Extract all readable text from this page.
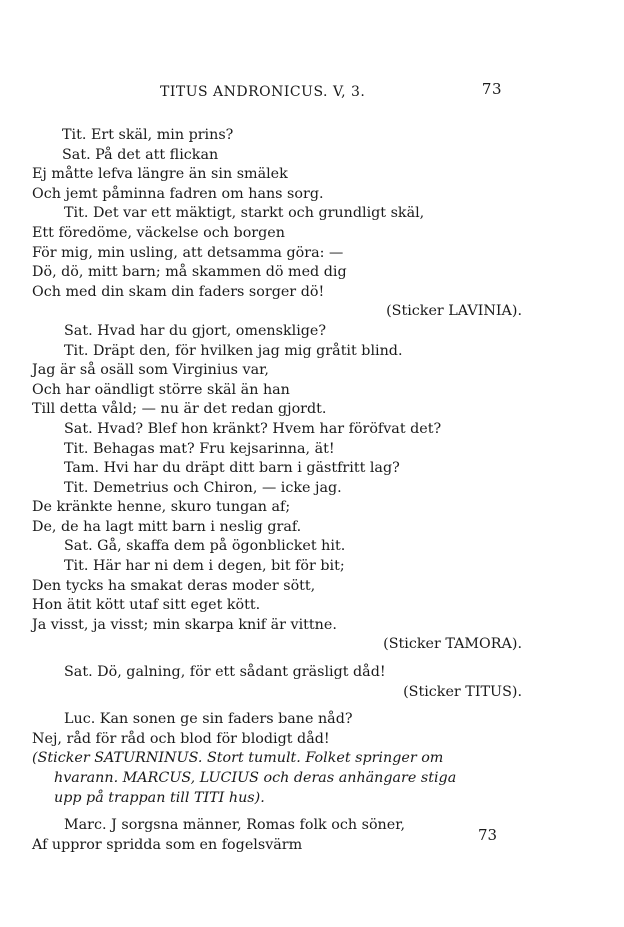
TITUS ANDRONICUS. V, 3.	73
Tit. Ert skäl, min prins?
Sat. På det att flickan
Ej måtte lefva längre än sin smälek
Och jemt påminna fadren om hans sorg.
Tit. Det var ett mäktigt, starkt och grundligt skäl,
Ett föredöme, väckelse och borgen
För mig, min usling, att detsamma göra: —
Dö, dö, mitt barn; må skammen dö med dig
Och med din skam din faders sorger dö!
(Sticker LAVINIA).
Sat. Hvad har du gjort, omensklige?
Tit. Dräpt den, för hvilken jag mig gråtit blind.
Jag är så osäll som Virginius var,
Och har oändligt större skäl än han
Till detta våld; — nu är det redan gjordt.
Sat. Hvad? Blef hon kränkt? Hvem har föröfvat det?
Tit. Behagas mat? Fru kejsarinna, ät!
Tam. Hvi har du dräpt ditt barn i gästfritt lag?
Tit. Demetrius och Chiron, — icke jag.
De kränkte henne, skuro tungan af;
De, de ha lagt mitt barn i neslig graf.
Sat. Gå, skaffa dem på ögonblicket hit.
Tit. Här har ni dem i degen, bit för bit;
Den tycks ha smakat deras moder sött,
Hon ätit kött utaf sitt eget kött.
Ja visst, ja visst; min skarpa knif är vittne.
(Sticker TAMORA).
Sat. Dö, galning, för ett sådant gräsligt dåd!
(Sticker TITUS).
Luc. Kan sonen ge sin faders bane nåd?
Nej, råd för råd och blod för blodigt dåd!
(Sticker SATURNINUS. Stort tumult. Folket springer om
hvarann. MARCUS, LUCIUS och deras anhängare stiga
upp på trappan till TITI hus).
Marc. J sorgsna männer, Romas folk och söner,
Af uppror spridda som en fogelsvärm
73
